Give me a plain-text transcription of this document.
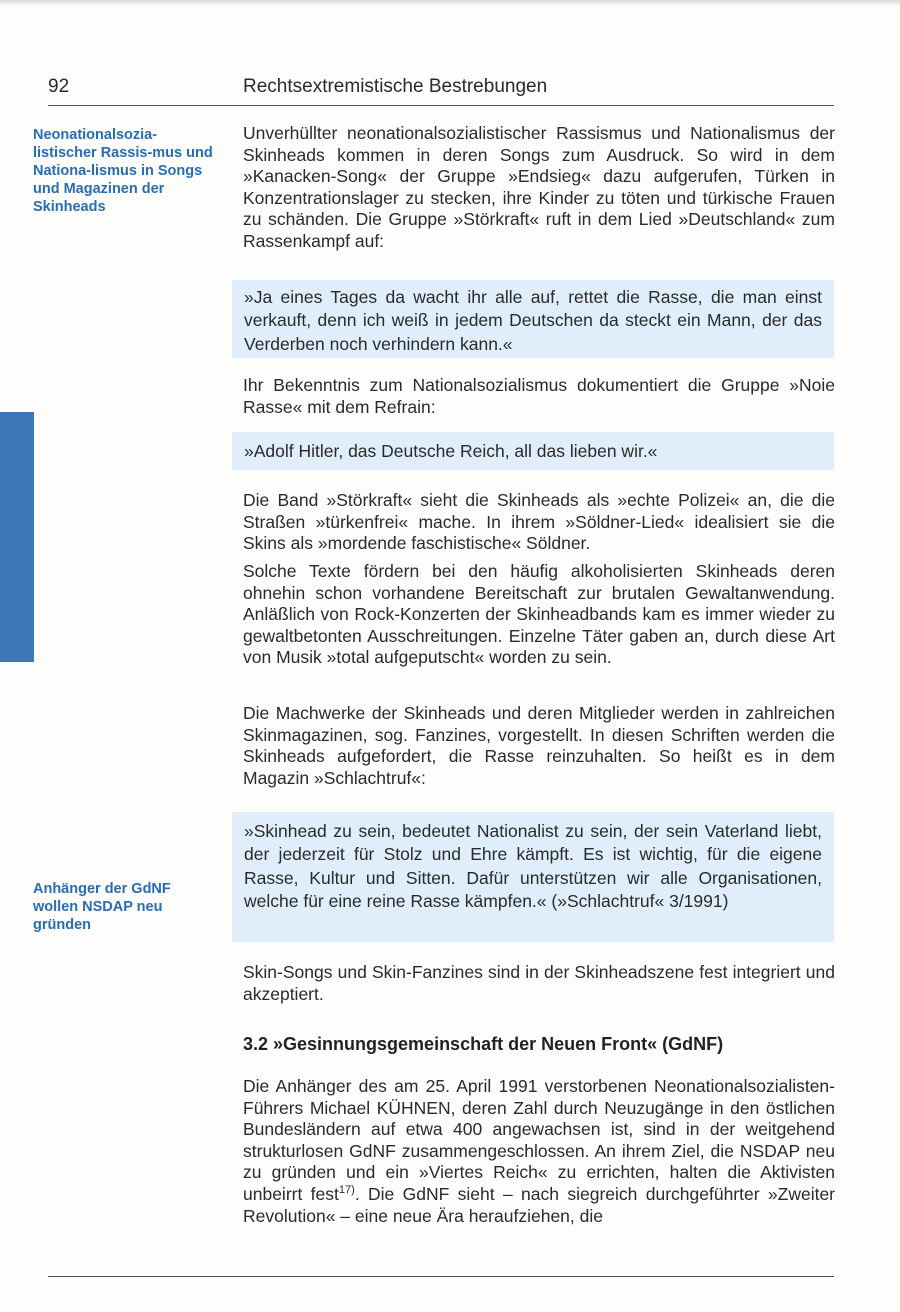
92	Rechtsextremistische Bestrebungen
Neonationalsozia-listischer Rassis-mus und Nationa-lismus in Songs und Magazinen der Skinheads
Anhänger der GdNF wollen NSDAP neu gründen
Unverhüllter neonationalsozialistischer Rassismus und Nationalismus der Skinheads kommen in deren Songs zum Ausdruck. So wird in dem »Kanacken-Song« der Gruppe »Endsieg« dazu aufgerufen, Türken in Konzentrationslager zu stecken, ihre Kinder zu töten und türkische Frauen zu schänden. Die Gruppe »Störkraft« ruft in dem Lied »Deutschland« zum Rassenkampf auf:
»Ja eines Tages da wacht ihr alle auf, rettet die Rasse, die man einst verkauft, denn ich weiß in jedem Deutschen da steckt ein Mann, der das Verderben noch verhindern kann.«
Ihr Bekenntnis zum Nationalsozialismus dokumentiert die Gruppe »Noie Rasse« mit dem Refrain:
»Adolf Hitler, das Deutsche Reich, all das lieben wir.«
Die Band »Störkraft« sieht die Skinheads als »echte Polizei« an, die die Straßen »türkenfrei« mache. In ihrem »Söldner-Lied« idealisiert sie die Skins als »mordende faschistische« Söldner.
Solche Texte fördern bei den häufig alkoholisierten Skinheads deren ohnehin schon vorhandene Bereitschaft zur brutalen Gewaltanwendung. Anläßlich von Rock-Konzerten der Skinheadbands kam es immer wieder zu gewaltbetonten Ausschreitungen. Einzelne Täter gaben an, durch diese Art von Musik »total aufgeputscht« worden zu sein.
Die Machwerke der Skinheads und deren Mitglieder werden in zahlreichen Skinmagazinen, sog. Fanzines, vorgestellt. In diesen Schriften werden die Skinheads aufgefordert, die Rasse reinzuhalten. So heißt es in dem Magazin »Schlachtruf«:
»Skinhead zu sein, bedeutet Nationalist zu sein, der sein Vaterland liebt, der jederzeit für Stolz und Ehre kämpft. Es ist wichtig, für die eigene Rasse, Kultur und Sitten. Dafür unterstützen wir alle Organisationen, welche für eine reine Rasse kämpfen.« (»Schlachtruf« 3/1991)
Skin-Songs und Skin-Fanzines sind in der Skinheadszene fest integriert und akzeptiert.
3.2 »Gesinnungsgemeinschaft der Neuen Front« (GdNF)
Die Anhänger des am 25. April 1991 verstorbenen Neonationalsozialisten-Führers Michael KÜHNEN, deren Zahl durch Neuzugänge in den östlichen Bundesländern auf etwa 400 angewachsen ist, sind in der weitgehend strukturlosen GdNF zusammengeschlossen. An ihrem Ziel, die NSDAP neu zu gründen und ein »Viertes Reich« zu errichten, halten die Aktivisten unbeirrt fest$^{17)}$. Die GdNF sieht – nach siegreich durchgeführter »Zweiter Revolution« – eine neue Ära heraufziehen, die
